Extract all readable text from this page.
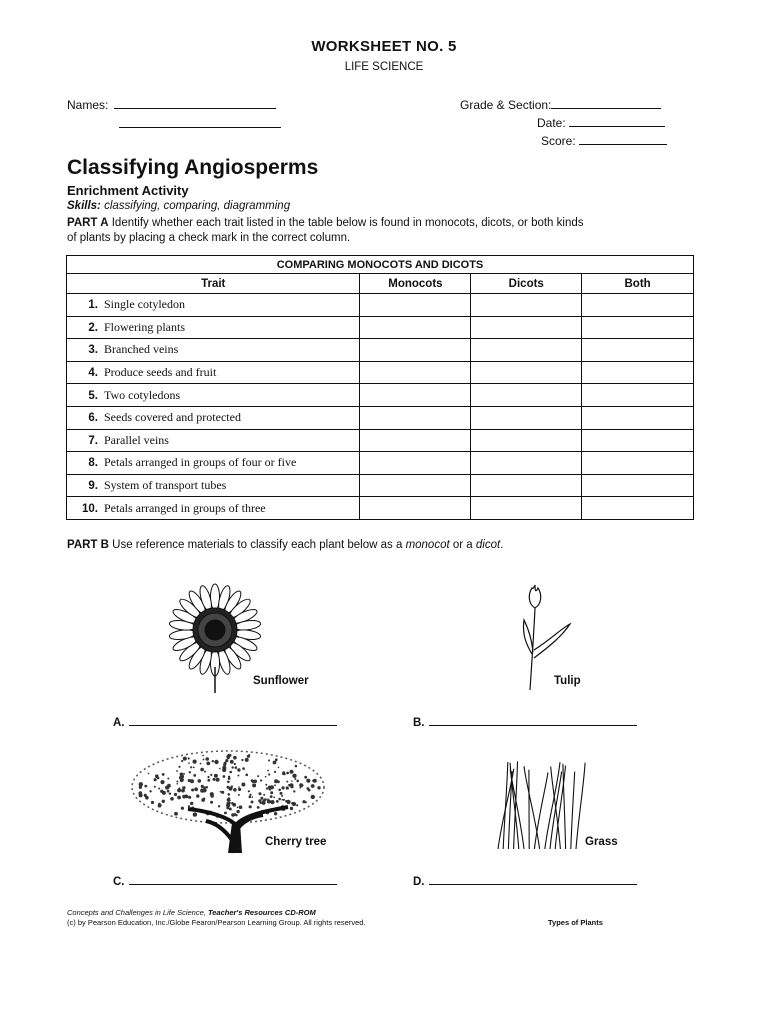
WORKSHEET NO. 5
LIFE SCIENCE
Names:	Grade & Section:
Date:
Score:
Classifying Angiosperms
Enrichment Activity
Skills: classifying, comparing, diagramming
PART A Identify whether each trait listed in the table below is found in monocots, dicots, or both kinds of plants by placing a check mark in the correct column.
COMPARING MONOCOTS AND DICOTS			
Trait	Monocots	Dicots	Both
1. Single cotyledon			
2. Flowering plants			
3. Branched veins			
4. Produce seeds and fruit			
5. Two cotyledons			
6. Seeds covered and protected			
7. Parallel veins			
8. Petals arranged in groups of four or five			
9. System of transport tubes			
10. Petals arranged in groups of three			
PART B Use reference materials to classify each plant below as a monocot or a dicot.
Sunflower	Tulip
Cherry tree	Grass
A.	B.
C.	D.
Concepts and Challenges in Life Science, Teacher's Resources CD-ROM
(c) by Pearson Education, Inc./Globe Fearon/Pearson Learning Group. All rights reserved.	Types of Plants
